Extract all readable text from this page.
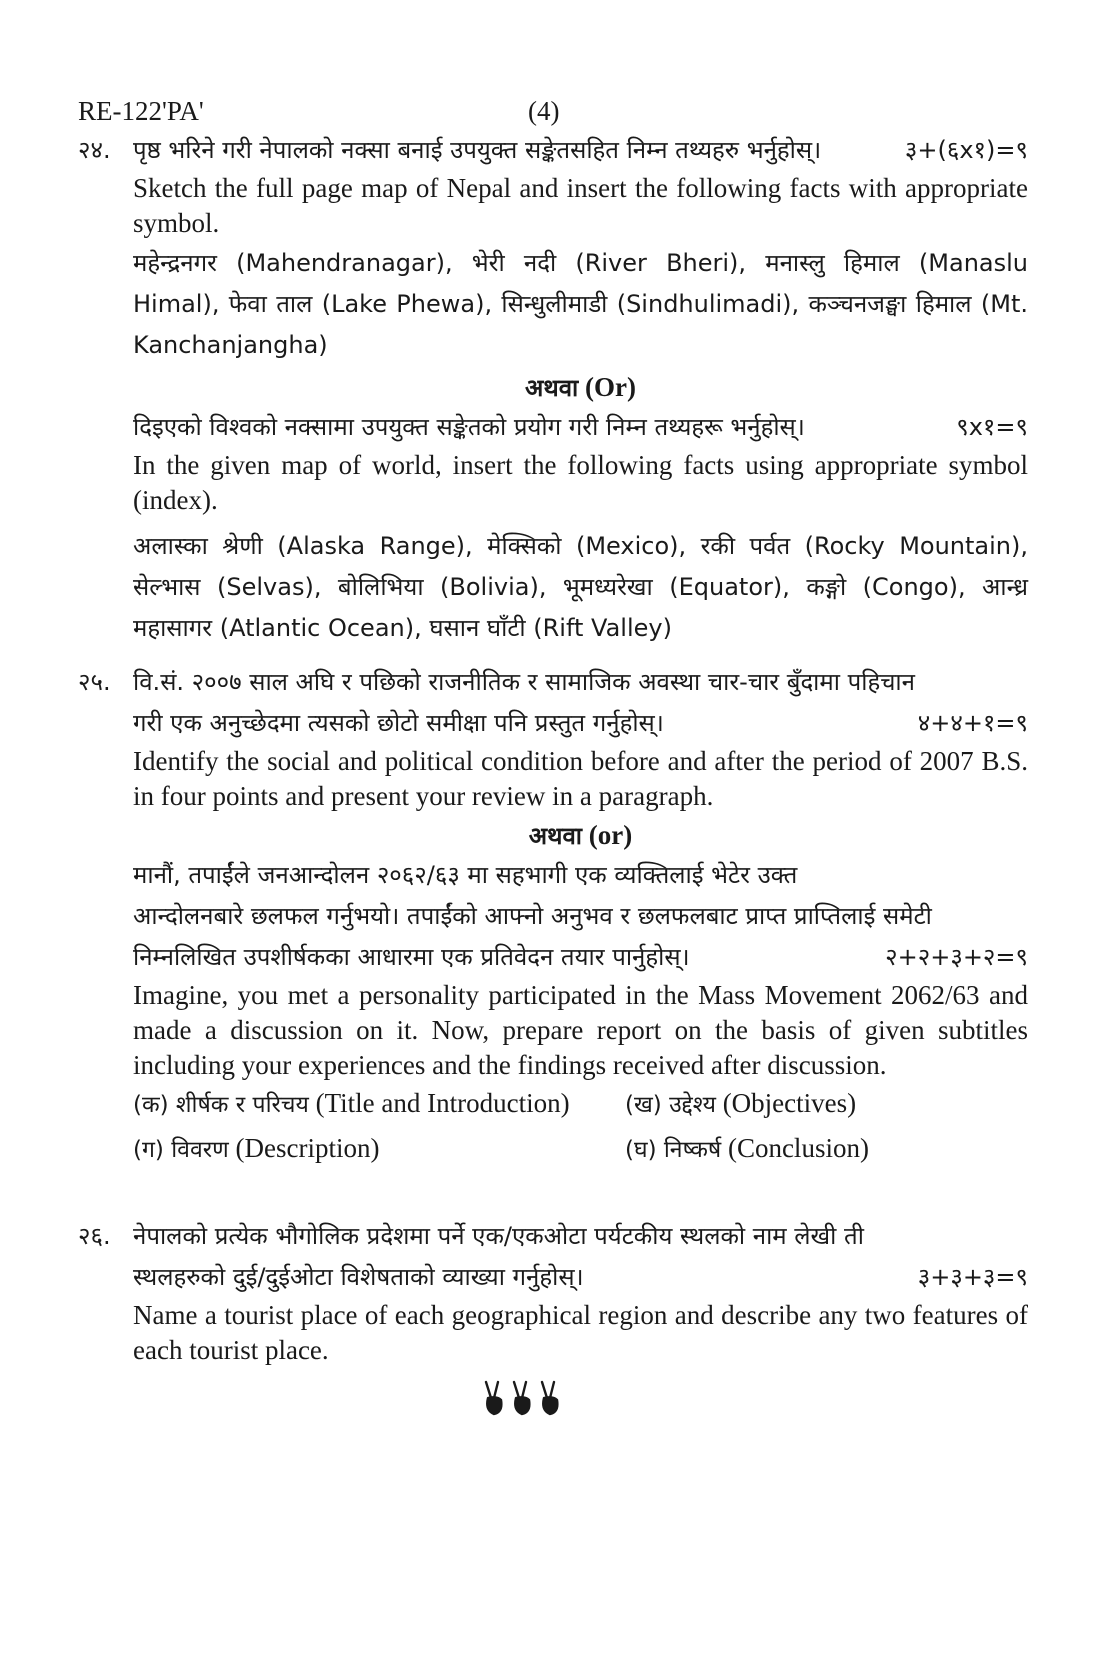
RE-122'PA'	(4)
२४. पृष्ठ भरिने गरी नेपालको नक्सा बनाई उपयुक्त सङ्केतसहित निम्न तथ्यहरु भर्नुहोस्।	३+(६x१)=९

Sketch the full page map of Nepal and insert the following facts with appropriate symbol.

महेन्द्रनगर (Mahendranagar), भेरी नदी (River Bheri), मनास्लु हिमाल (Manaslu Himal), फेवा ताल (Lake Phewa), सिन्धुलीमाडी (Sindhulimadi), कञ्चनजङ्घा हिमाल (Mt. Kanchanjangha)

अथवा (Or)
दिइएको विश्वको नक्सामा उपयुक्त सङ्केतको प्रयोग गरी निम्न तथ्यहरू भर्नुहोस्।	९x१=९

In the given map of world, insert the following facts using appropriate symbol (index).

अलास्का श्रेणी (Alaska Range), मेक्सिको (Mexico), रकी पर्वत (Rocky Mountain), सेल्भास (Selvas), बोलिभिया (Bolivia), भूमध्यरेखा (Equator), कङ्गो (Congo), आन्ध्र महासागर (Atlantic Ocean), घसान घाँटी (Rift Valley)

२५. वि.सं. २००७ साल अघि र पछिको राजनीतिक र सामाजिक अवस्था चार-चार बुँदामा पहिचान

गरी एक अनुच्छेदमा त्यसको छोटो समीक्षा पनि प्रस्तुत गर्नुहोस्।	४+४+१=९

Identify the social and political condition before and after the period of 2007 B.S. in four points and present your review in a paragraph.

अथवा (or)

मानौं, तपाईंले जनआन्दोलन २०६२/६३ मा सहभागी एक व्यक्तिलाई भेटेर उक्त

आन्दोलनबारे छलफल गर्नुभयो। तपाईंको आफ्नो अनुभव र छलफलबाट प्राप्त प्राप्तिलाई समेटी

निम्नलिखित उपशीर्षकका आधारमा एक प्रतिवेदन तयार पार्नुहोस्।	२+२+३+२=९

Imagine, you met a personality participated in the Mass Movement 2062/63 and made a discussion on it. Now, prepare report on the basis of given subtitles including your experiences and the findings received after discussion.

(क) शीर्षक र परिचय (Title and Introduction)	(ख) उद्देश्य (Objectives)
(ग) विवरण (Description)	(घ) निष्कर्ष (Conclusion)
२६. नेपालको प्रत्येक भौगोलिक प्रदेशमा पर्ने एक/एकओटा पर्यटकीय स्थलको नाम लेखी ती

स्थलहरुको दुई/दुईओटा विशेषताको व्याख्या गर्नुहोस्।	३+३+३=९

Name a tourist place of each geographical region and describe any two features of each tourist place.
